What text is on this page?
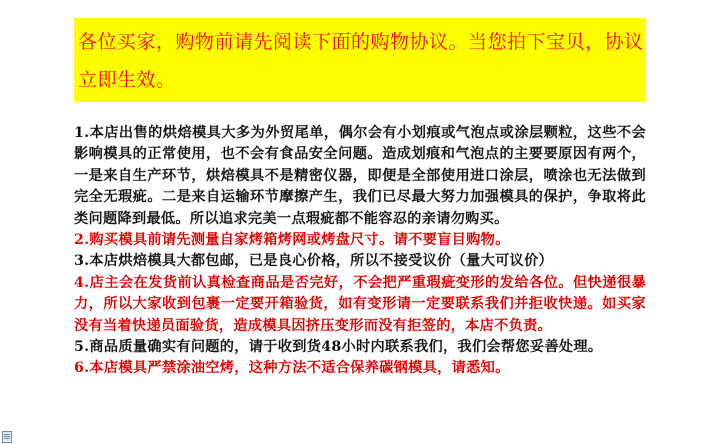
各位买家，购物前请先阅读下面的购物协议。当您拍下宝贝，协议立即生效。

1.本店出售的烘焙模具大多为外贸尾单，偶尔会有小划痕或气泡点或涂层颗粒，这些不会影响模具的正常使用，也不会有食品安全问题。造成划痕和气泡点的主要要原因有两个，一是来自生产环节，烘焙模具不是精密仪器，即便是全部使用进口涂层，喷涂也无法做到完全无瑕疵。二是来自运输环节摩擦产生，我们已尽最大努力加强模具的保护，争取将此类问题降到最低。所以追求完美一点瑕疵都不能容忍的亲请勿购买。
2.购买模具前请先测量自家烤箱烤网或烤盘尺寸。请不要盲目购物。
3.本店烘焙模具大都包邮，已是良心价格，所以不接受议价（量大可议价）
4.店主会在发货前认真检查商品是否完好，不会把严重瑕疵变形的发给各位。但快递很暴力，所以大家收到包裹一定要开箱验货，如有变形请一定要联系我们并拒收快递。如买家没有当着快递员面验货，造成模具因挤压变形而没有拒签的，本店不负责。
5.商品质量确实有问题的，请于收到货48小时内联系我们，我们会帮您妥善处理。
6.本店模具严禁涂油空烤，这种方法不适合保养碳钢模具，请悉知。
